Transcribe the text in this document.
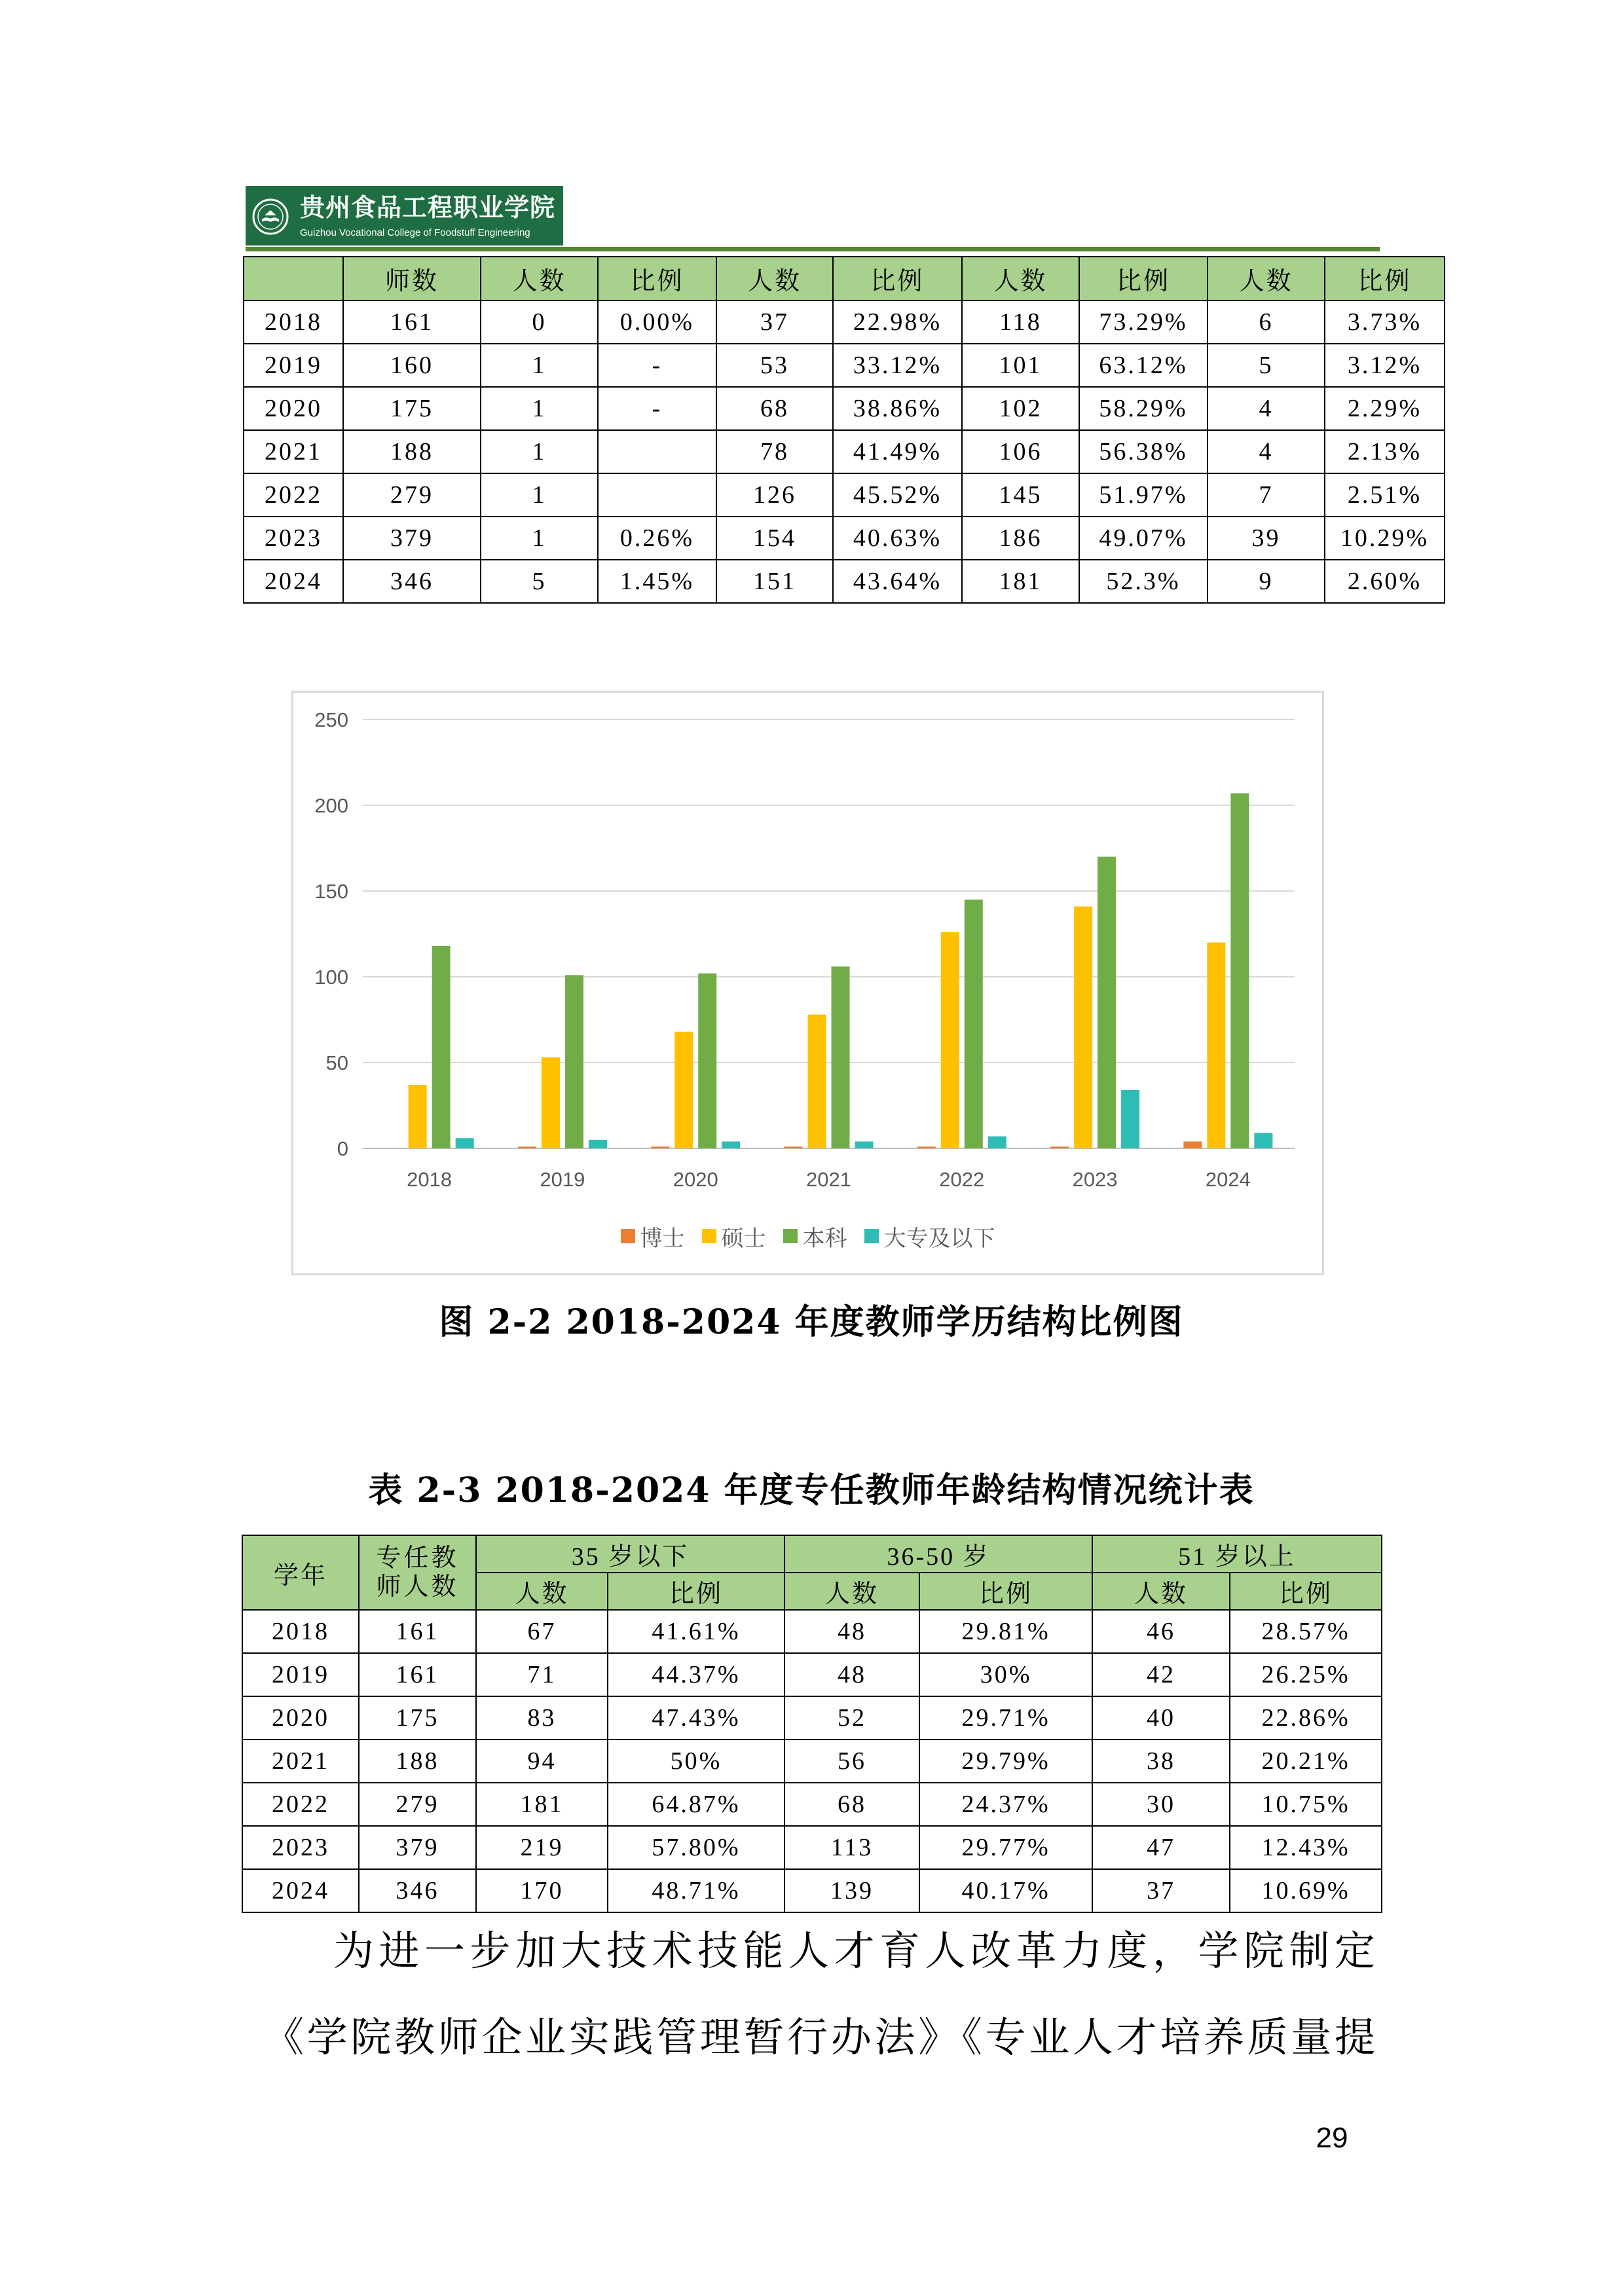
贵州食品工程职业学院
Guizhou Vocational College of Foodstuff Engineering
	师数	人数	比例	人数	比例	人数	比例	人数	比例
2018	161	0	0.00%	37	22.98%	118	73.29%	6	3.73%
2019	160	1	-	53	33.12%	101	63.12%	5	3.12%
2020	175	1	-	68	38.86%	102	58.29%	4	2.29%
2021	188	1		78	41.49%	106	56.38%	4	2.13%
2022	279	1		126	45.52%	145	51.97%	7	2.51%
2023	379	1	0.26%	154	40.63%	186	49.07%	39	10.29%
2024	346	5	1.45%	151	43.64%	181	52.3%	9	2.60%
0
50
100
150
200
250
2018	2019	2020	2021	2022	2023	2024
博士 硕士 本科 大专及以下
图 2-2 2018-2024 年度教师学历结构比例图
表 2-3 2018-2024 年度专任教师年龄结构情况统计表
学年	专任教师人数	35 岁以下		36-50 岁		51 岁以上	
		人数	比例	人数	比例	人数	比例
2018	161	67	41.61%	48	29.81%	46	28.57%
2019	161	71	44.37%	48	30%	42	26.25%
2020	175	83	47.43%	52	29.71%	40	22.86%
2021	188	94	50%	56	29.79%	38	20.21%
2022	279	181	64.87%	68	24.37%	30	10.75%
2023	379	219	57.80%	113	29.77%	47	12.43%
2024	346	170	48.71%	139	40.17%	37	10.69%
为进一步加大技术技能人才育人改革力度，学院制定
《学院教师企业实践管理暂行办法》《专业人才培养质量提
29
